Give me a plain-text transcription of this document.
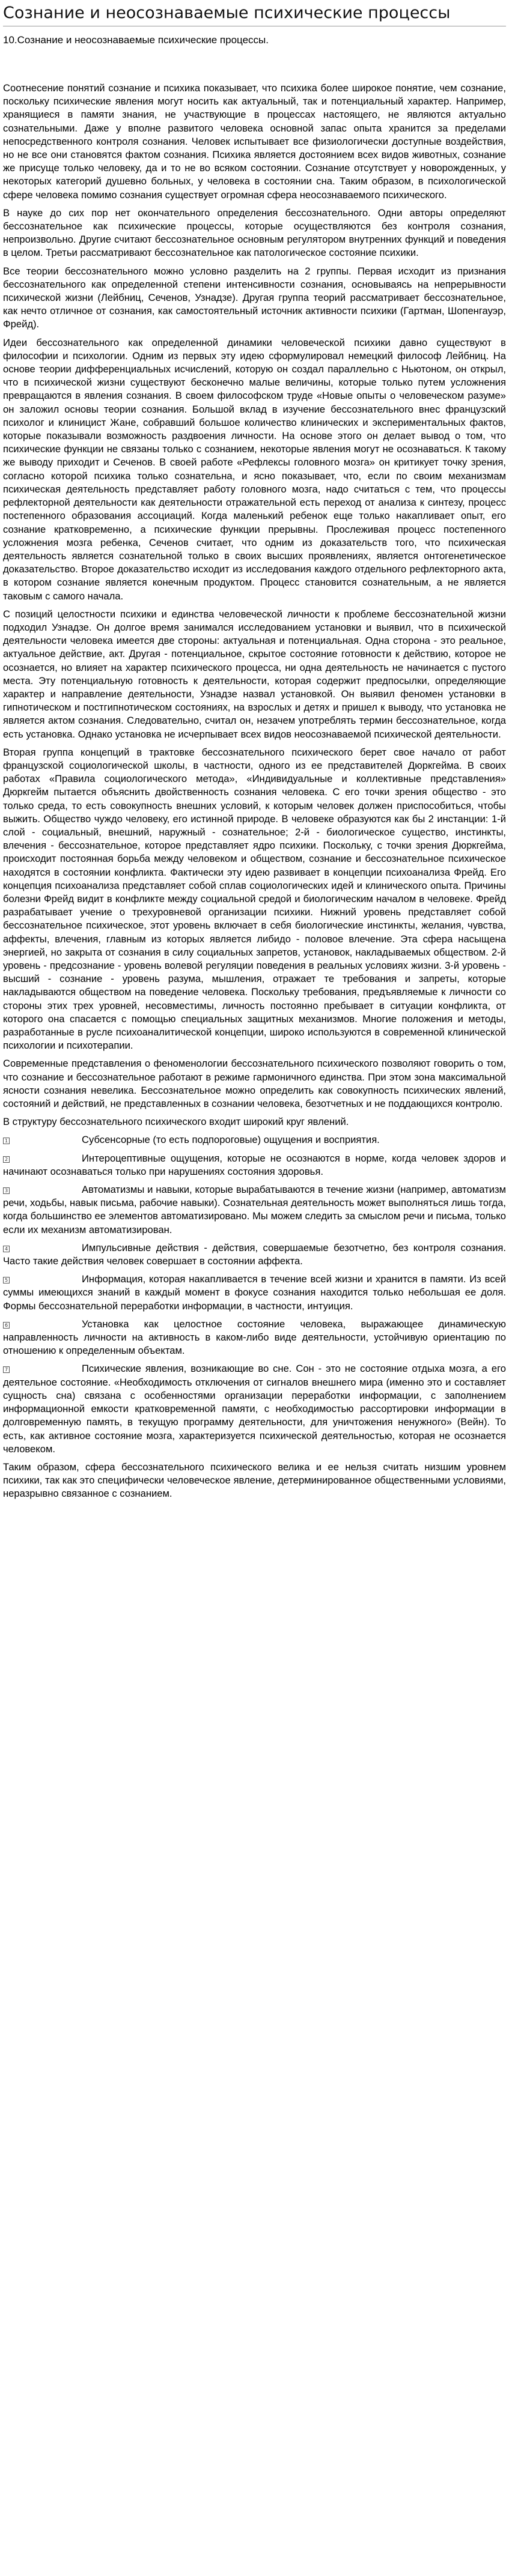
Сознание и неосознаваемые психические процессы
10.Сознание и неосознаваемые психические процессы.

Соотнесение понятий сознание и психика показывает, что психика более широкое понятие, чем сознание, поскольку психические явления могут носить как актуальный, так и потенциальный характер. Например, хранящиеся в памяти знания, не участвующие в процессах настоящего, не являются актуально сознательными. Даже у вполне развитого человека основной запас опыта хранится за пределами непосредственного контроля сознания. Человек испытывает все физиологически доступные воздействия, но не все они становятся фактом сознания. Психика является достоянием всех видов животных, сознание же присуще только человеку, да и то не во всяком состоянии. Сознание отсутствует у новорожденных, у некоторых категорий душевно больных, у человека в состоянии сна. Таким образом, в психологической сфере человека помимо сознания существует огромная сфера неосознаваемого психического.

В науке до сих пор нет окончательного определения бессознательного. Одни авторы определяют бессознательное как психические процессы, которые осуществляются без контроля сознания, непроизвольно. Другие считают бессознательное основным регулятором внутренних функций и поведения в целом. Третьи рассматривают бессознательное как патологическое состояние психики.

Все теории бессознательного можно условно разделить на 2 группы. Первая исходит из признания бессознательного как определенной степени интенсивности сознания, основываясь на непрерывности психической жизни (Лейбниц, Сеченов, Узнадзе). Другая группа теорий рассматривает бессознательное, как нечто отличное от сознания, как самостоятельный источник активности психики (Гартман, Шопенгауэр, Фрейд).

Идеи бессознательного как определенной динамики человеческой психики давно существуют в философии и психологии. Одним из первых эту идею сформулировал немецкий философ Лейбниц. На основе теории дифференциальных исчислений, которую он создал параллельно с Ньютоном, он открыл, что в психической жизни существуют бесконечно малые величины, которые только путем усложнения превращаются в явления сознания. В своем философском труде «Новые опыты о человеческом разуме» он заложил основы теории сознания. Большой вклад в изучение бессознательного внес французский психолог и клиницист Жане, собравший большое количество клинических и экспериментальных фактов, которые показывали возможность раздвоения личности. На основе этого он делает вывод о том, что психические функции не связаны только с сознанием, некоторые явления могут не осознаваться. К такому же выводу приходит и Сеченов. В своей работе «Рефлексы головного мозга» он критикует точку зрения, согласно которой психика только сознательна, и ясно показывает, что, если по своим механизмам психическая деятельность представляет работу головного мозга, надо считаться с тем, что процессы рефлекторной деятельности как деятельности отражательной есть переход от анализа к синтезу, процесс постепенного образования ассоциаций. Когда маленький ребенок еще только накапливает опыт, его сознание кратковременно, а психические функции прерывны. Прослеживая процесс постепенного усложнения мозга ребенка, Сеченов считает, что одним из доказательств того, что психическая деятельность является сознательной только в своих высших проявлениях, является онтогенетическое доказательство. Второе доказательство исходит из исследования каждого отдельного рефлекторного акта, в котором сознание является конечным продуктом. Процесс становится сознательным, а не является таковым с самого начала.

С позиций целостности психики и единства человеческой личности к проблеме бессознательной жизни подходил Узнадзе. Он долгое время занимался исследованием установки и выявил, что в психической деятельности человека имеется две стороны: актуальная и потенциальная. Одна сторона - это реальное, актуальное действие, акт. Другая - потенциальное, скрытое состояние готовности к действию, которое не осознается, но влияет на характер психического процесса, ни одна деятельность не начинается с пустого места. Эту потенциальную готовность к деятельности, которая содержит предпосылки, определяющие характер и направление деятельности, Узнадзе назвал установкой. Он выявил феномен установки в гипнотическом и постгипнотическом состояниях, на взрослых и детях и пришел к выводу, что установка не является актом сознания. Следовательно, считал он, незачем употреблять термин бессознательное, когда есть установка. Однако установка не исчерпывает всех видов неосознаваемой психической деятельности.

Вторая группа концепций в трактовке бессознательного психического берет свое начало от работ французской социологической школы, в частности, одного из ее представителей Дюркгейма. В своих работах «Правила социологического метода», «Индивидуальные и коллективные представления» Дюркгейм пытается объяснить двойственность сознания человека. С его точки зрения общество - это только среда, то есть совокупность внешних условий, к которым человек должен приспособиться, чтобы выжить. Общество чуждо человеку, его истинной природе. В человеке образуются как бы 2 инстанции: 1-й слой - социальный, внешний, наружный - сознательное; 2-й - биологическое существо, инстинкты, влечения - бессознательное, которое представляет ядро психики. Поскольку, с точки зрения Дюркгейма, происходит постоянная борьба между человеком и обществом, сознание и бессознательное психическое находятся в состоянии конфликта. Фактически эту идею развивает в концепции психоанализа Фрейд. Его концепция психоанализа представляет собой сплав социологических идей и клинического опыта. Причины болезни Фрейд видит в конфликте между социальной средой и биологическим началом в человеке. Фрейд разрабатывает учение о трехуровневой организации психики. Нижний уровень представляет собой бессознательное психическое, этот уровень включает в себя биологические инстинкты, желания, чувства, аффекты, влечения, главным из которых является либидо - половое влечение. Эта сфера насыщена энергией, но закрыта от сознания в силу социальных запретов, установок, накладываемых обществом. 2-й уровень - предсознание - уровень волевой регуляции поведения в реальных условиях жизни. 3-й уровень - высший - сознание - уровень разума, мышления, отражает те требования и запреты, которые накладываются обществом на поведение человека. Поскольку требования, предъявляемые к личности со стороны этих трех уровней, несовместимы, личность постоянно пребывает в ситуации конфликта, от которого она спасается с помощью специальных защитных механизмов. Многие положения и методы, разработанные в русле психоаналитической концепции, широко используются в современной клинической психологии и психотерапии.

Современные представления о феноменологии бессознательного психического позволяют говорить о том, что сознание и бессознательное работают в режиме гармоничного единства. При этом зона максимальной ясности сознания невелика. Бессознательное можно определить как совокупность психических явлений, состояний и действий, не представленных в сознании человека, безотчетных и не поддающихся контролю.

В структуру бессознательного психического входит широкий круг явлений.

1	Субсенсорные (то есть подпороговые) ощущения и восприятия.
2	Интероцептивные ощущения, которые не осознаются в норме, когда человек здоров и начинают осознаваться только при нарушениях состояния здоровья.
3	Автоматизмы и навыки, которые вырабатываются в течение жизни (например, автоматизм речи, ходьбы, навык письма, рабочие навыки). Сознательная деятельность может выполняться лишь тогда, когда большинство ее элементов автоматизировано. Мы можем следить за смыслом речи и письма, только если их механизм автоматизирован.
4	Импульсивные действия - действия, совершаемые безотчетно, без контроля сознания. Часто такие действия человек совершает в состоянии аффекта.
5	Информация, которая накапливается в течение всей жизни и хранится в памяти. Из всей суммы имеющихся знаний в каждый момент в фокусе сознания находится только небольшая ее доля. Формы бессознательной переработки информации, в частности, интуиция.
6	Установка как целостное состояние человека, выражающее динамическую направленность личности на активность в каком-либо виде деятельности, устойчивую ориентацию по отношению к определенным объектам.
7	Психические явления, возникающие во сне. Сон - это не состояние отдыха мозга, а его деятельное состояние. «Необходимость отключения от сигналов внешнего мира (именно это и составляет сущность сна) связана с особенностями организации переработки информации, с заполнением информационной емкости кратковременной памяти, с необходимостью рассортировки информации в долговременную память, в текущую программу деятельности, для уничтожения ненужного» (Вейн). То есть, как активное состояние мозга, характеризуется психической деятельностью, которая не осознается человеком.

Таким образом, сфера бессознательного психического велика и ее нельзя считать низшим уровнем психики, так как это специфически человеческое явление, детерминированное общественными условиями, неразрывно связанное с сознанием.
